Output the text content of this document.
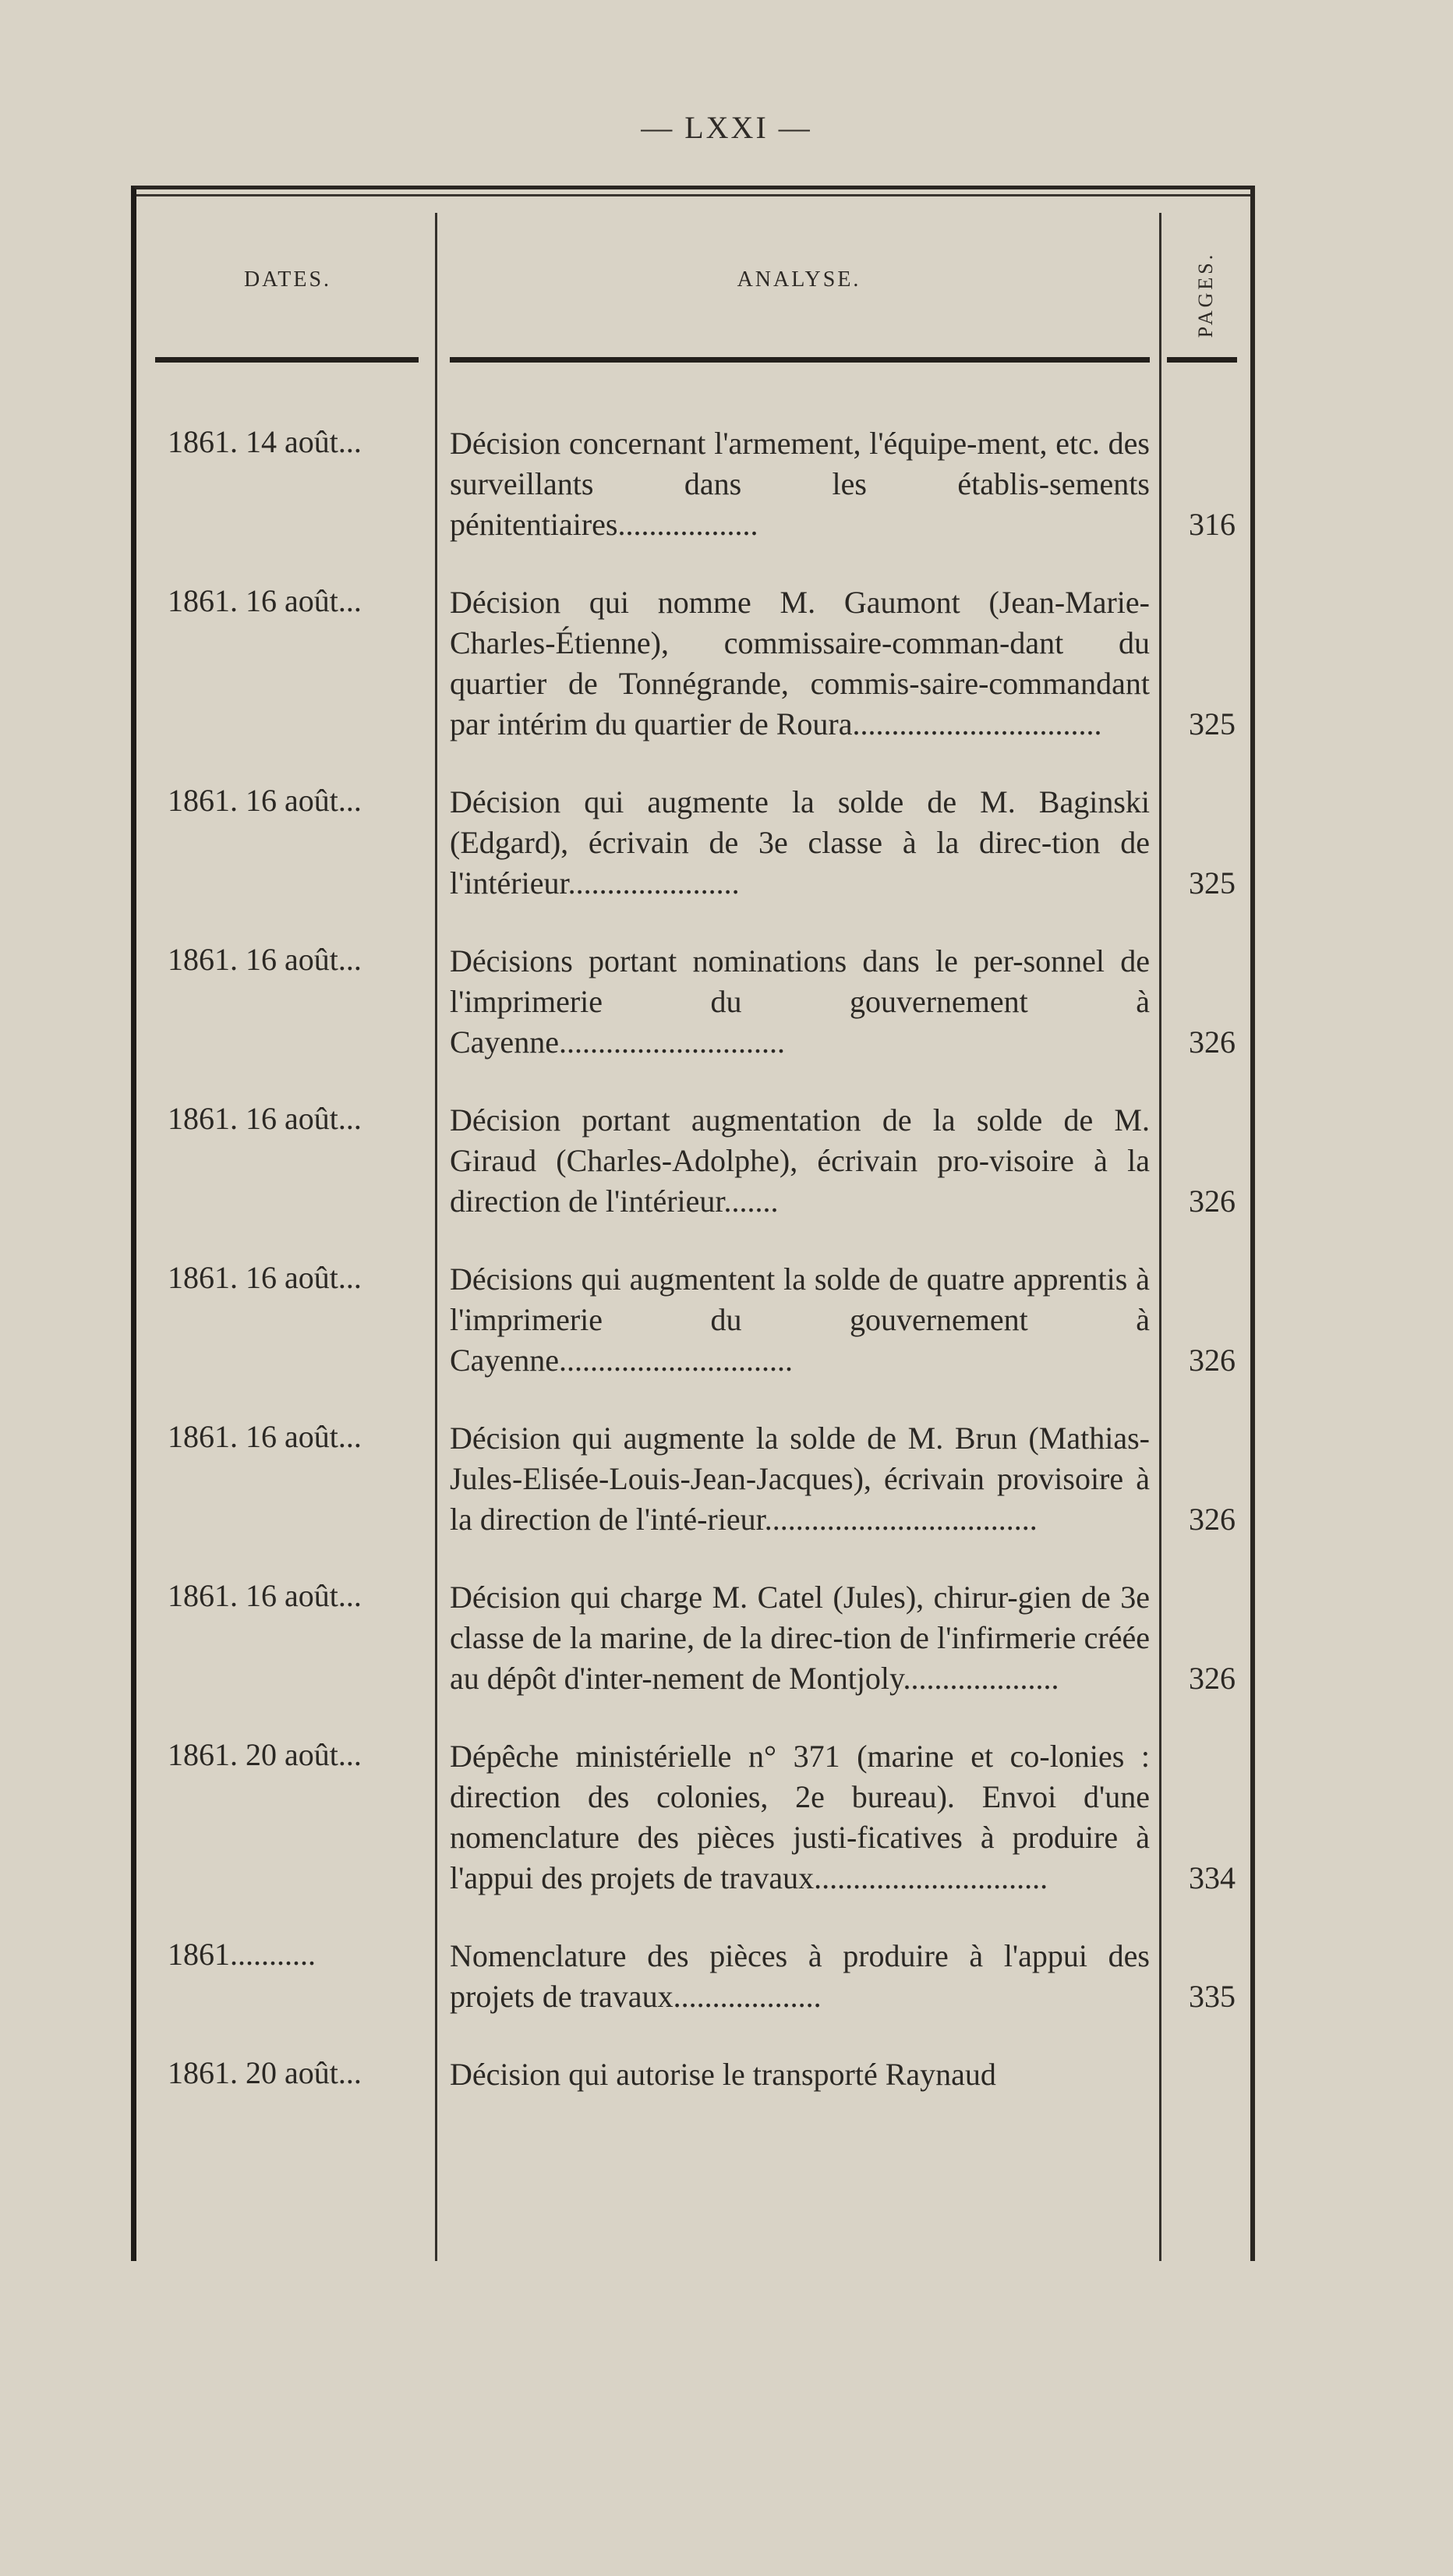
— LXXI —
DATES.	ANALYSE.	PAGES.
1861. 14 août...	Décision concernant l'armement, l'équipe-ment, etc. des surveillants dans les établis-sements pénitentiaires..................	316
1861. 16 août...	Décision qui nomme M. Gaumont (Jean-Marie-Charles-Étienne), commissaire-comman-dant du quartier de Tonnégrande, commis-saire-commandant par intérim du quartier de Roura................................	325
1861. 16 août...	Décision qui augmente la solde de M. Baginski (Edgard), écrivain de 3e classe à la direc-tion de l'intérieur......................	325
1861. 16 août...	Décisions portant nominations dans le per-sonnel de l'imprimerie du gouvernement à Cayenne.............................	326
1861. 16 août...	Décision portant augmentation de la solde de M. Giraud (Charles-Adolphe), écrivain pro-visoire à la direction de l'intérieur.......	326
1861. 16 août...	Décisions qui augmentent la solde de quatre apprentis à l'imprimerie du gouvernement à Cayenne..............................	326
1861. 16 août...	Décision qui augmente la solde de M. Brun (Mathias-Jules-Elisée-Louis-Jean-Jacques), écrivain provisoire à la direction de l'inté-rieur...................................	326
1861. 16 août...	Décision qui charge M. Catel (Jules), chirur-gien de 3e classe de la marine, de la direc-tion de l'infirmerie créée au dépôt d'inter-nement de Montjoly....................	326
1861. 20 août...	Dépêche ministérielle n° 371 (marine et co-lonies : direction des colonies, 2e bureau). Envoi d'une nomenclature des pièces justi-ficatives à produire à l'appui des projets de travaux..............................	334
1861...........	Nomenclature des pièces à produire à l'appui des projets de travaux...................	335
1861. 20 août...	Décision qui autorise le transporté Raynaud
